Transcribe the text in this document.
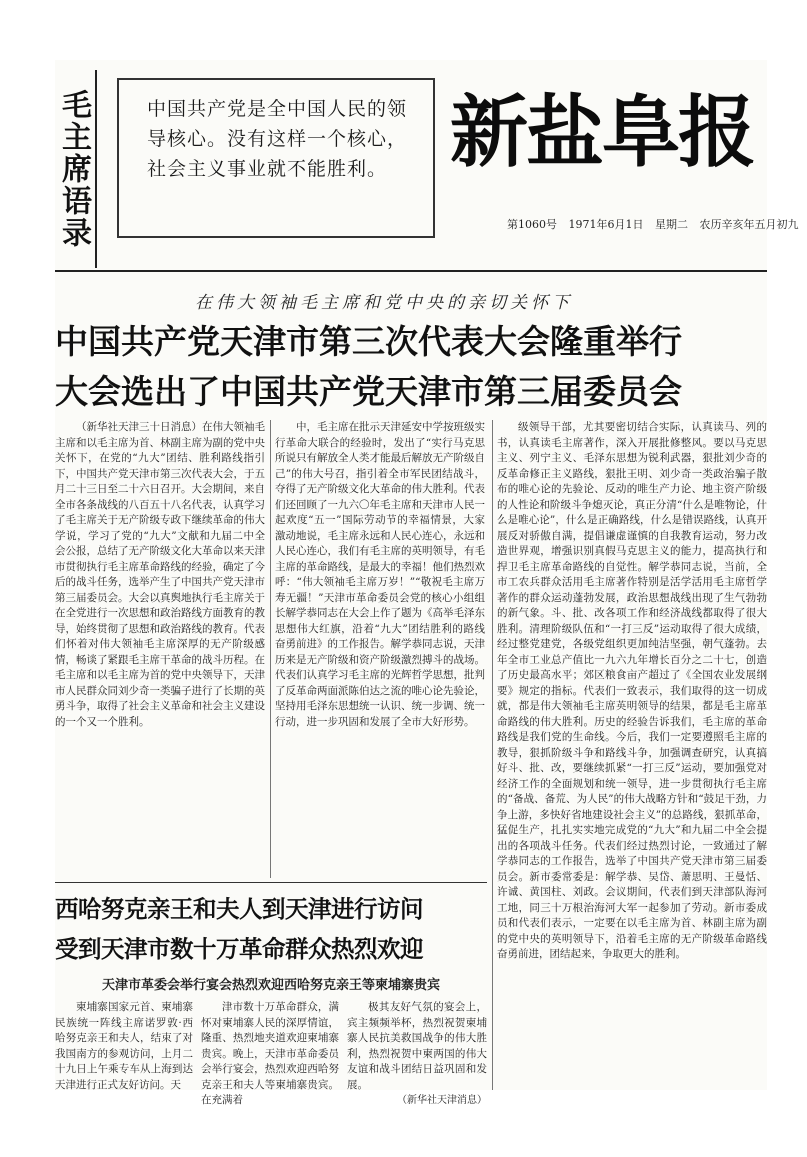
毛主席语录	中国共产党是全中国人民的领导核心。没有这样一个核心，社会主义事业就不能胜利。 新盐阜报
第1060号 1971年6月1日 星期二 农历辛亥年五月初九
在伟大领袖毛主席和党中央的亲切关怀下
中国共产党天津市第三次代表大会隆重举行
大会选出了中国共产党天津市第三届委员会

（新华社天津三十日消息）在伟大领袖毛主席和以毛主席为首、林副主席为副的党中央关怀下，在党的“九大”团结、胜利路线指引下，中国共产党天津市第三次代表大会，于五月二十三日至二十六日召开。大会期间，来自全市各条战线的八百五十八名代表，认真学习了毛主席关于无产阶级专政下继续革命的伟大学说，学习了党的“九大”文献和九届二中全会公报，总结了无产阶级文化大革命以来天津市贯彻执行毛主席革命路线的经验，确定了今后的战斗任务，选举产生了中国共产党天津市第三届委员会。大会以真舆地执行毛主席关于在全党进行一次思想和政治路线方面教育的教导，始终贯彻了思想和政治路线的教育。代表们怀着对伟大领袖毛主席深厚的无产阶级感情，畅谈了紧跟毛主席干革命的战斗历程。在毛主席和以毛主席为首的党中央领导下，天津市人民群众同刘少奇一类骗子进行了长期的英勇斗争，取得了社会主义革命和社会主义建设的一个又一个胜利。

中，毛主席在批示天津延安中学按班级实行革命大联合的经验时，发出了“实行马克思所说只有解放全人类才能最后解放无产阶级自己”的伟大号召，指引着全市军民团结战斗，夺得了无产阶级文化大革命的伟大胜利。代表们还回顾了一九六〇年毛主席和天津市人民一起欢度“五一”国际劳动节的幸福情景，大家激动地说，毛主席永远和人民心连心，永远和人民心连心，我们有毛主席的英明领导，有毛主席的革命路线，是最大的幸福！他们热烈欢呼：“伟大领袖毛主席万岁！”“敬祝毛主席万寿无疆！”天津市革命委员会党的核心小组组长解学恭同志在大会上作了题为《高举毛泽东思想伟大红旗，沿着“九大”团结胜利的路线奋勇前进》的工作报告。解学恭同志说，天津历来是无产阶级和资产阶级激烈搏斗的战场。代表们认真学习毛主席的光辉哲学思想，批判了反革命两面派陈伯达之流的唯心论先验论，坚持用毛泽东思想统一认识、统一步调、统一行动，进一步巩固和发展了全市大好形势。

级领导干部，尤其要密切结合实际，认真读马、列的书，认真读毛主席著作，深入开展批修整风。要以马克思主义、列宁主义、毛泽东思想为锐利武器，狠批刘少奇的反革命修正主义路线，狠批王明、刘少奇一类政治骗子散布的唯心论的先验论、反动的唯生产力论、地主资产阶级的人性论和阶级斗争熄灭论，真正分清“什么是唯物论，什么是唯心论”，什么是正确路线，什么是错误路线，认真开展反对骄傲自满，提倡谦虚谨慎的自我教育运动，努力改造世界观，增强识别真假马克思主义的能力，提高执行和捍卫毛主席革命路线的自觉性。解学恭同志说，当前，全市工农兵群众活用毛主席著作特别是活学活用毛主席哲学著作的群众运动蓬勃发展，政治思想战线出现了生气勃勃的新气象。斗、批、改各项工作和经济战线都取得了很大胜利。清理阶级队伍和“一打三反”运动取得了很大成绩，经过整党建党，各级党组织更加纯洁坚强，朝气蓬勃。去年全市工业总产值比一九六九年增长百分之二十七，创造了历史最高水平；郊区粮食亩产超过了《全国农业发展纲要》规定的指标。代表们一致表示，我们取得的这一切成就，都是伟大领袖毛主席英明领导的结果，都是毛主席革命路线的伟大胜利。历史的经验告诉我们，毛主席的革命路线是我们党的生命线。今后，我们一定要遵照毛主席的教导，狠抓阶级斗争和路线斗争，加强调查研究，认真搞好斗、批、改，要继续抓紧“一打三反”运动，要加强党对经济工作的全面规划和统一领导，进一步贯彻执行毛主席的“备战、备荒、为人民”的伟大战略方针和“鼓足干劲，力争上游，多快好省地建设社会主义”的总路线，狠抓革命，猛促生产，扎扎实实地完成党的“九大”和九届二中全会提出的各项战斗任务。代表们经过热烈讨论，一致通过了解学恭同志的工作报告，选举了中国共产党天津市第三届委员会。新市委常委是：解学恭、吴岱、萧思明、王曼恬、许诚、黄国柱、刘政。会议期间，代表们到天津部队海河工地，同三十万根治海河大军一起参加了劳动。新市委成员和代表们表示，一定要在以毛主席为首、林副主席为副的党中央的英明领导下，沿着毛主席的无产阶级革命路线奋勇前进，团结起来，争取更大的胜利。

西哈努克亲王和夫人到天津进行访问
受到天津市数十万革命群众热烈欢迎
天津市革委会举行宴会热烈欢迎西哈努克亲王等柬埔寨贵宾

柬埔寨国家元首、柬埔寨民族统一阵线主席诺罗敦·西哈努克亲王和夫人，结束了对我国南方的参观访问，上月二十九日上午乘专车从上海到达天津进行正式友好访问。天

津市数十万革命群众，满怀对柬埔寨人民的深厚情谊，隆重、热烈地夹道欢迎柬埔寨贵宾。晚上，天津市革命委员会举行宴会，热烈欢迎西哈努克亲王和夫人等柬埔寨贵宾。在充满着

极其友好气氛的宴会上，宾主频频举杯，热烈祝贺柬埔寨人民抗美救国战争的伟大胜利，热烈祝贺中柬两国的伟大友谊和战斗团结日益巩固和发展。

（新华社天津消息）
